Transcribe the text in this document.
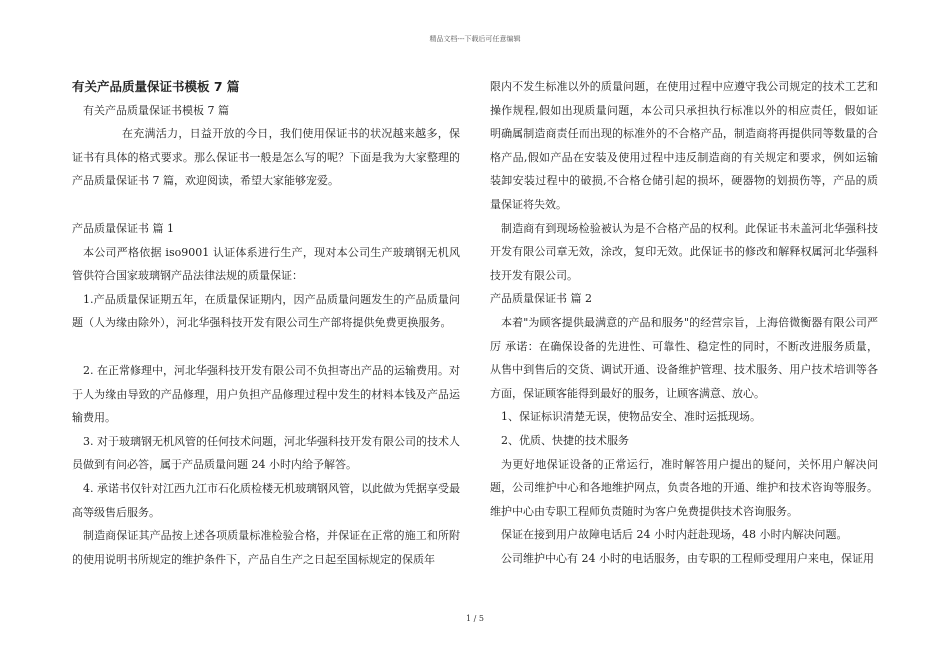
精品文档---下载后可任意编辑

有关产品质量保证书模板 7 篇

有关产品质量保证书模板 7 篇

在充满活力，日益开放的今日，我们使用保证书的状况越来越多，保证书有具体的格式要求。那么保证书一般是怎么写的呢？下面是我为大家整理的产品质量保证书 7 篇，欢迎阅读，希望大家能够宠爱。

产品质量保证书 篇 1

本公司严格依据 iso9001 认证体系进行生产，现对本公司生产玻璃钢无机风管供符合国家玻璃钢产品法律法规的质量保证：

1.产品质量保证期五年，在质量保证期内，因产品质量问题发生的产品质量问题（人为缘由除外），河北华强科技开发有限公司生产部将提供免费更换服务。

2. 在正常修理中，河北华强科技开发有限公司不负担寄出产品的运输费用。对于人为缘由导致的产品修理，用户负担产品修理过程中发生的材料本钱及产品运输费用。

3. 对于玻璃钢无机风管的任何技术问题，河北华强科技开发有限公司的技术人员做到有问必答，属于产品质量问题 24 小时内给予解答。

4. 承诺书仅针对江西九江市石化质检楼无机玻璃钢风管，以此做为凭据享受最高等级售后服务。

制造商保证其产品按上述各项质量标准检验合格，并保证在正常的施工和所附的使用说明书所规定的维护条件下，产品自生产之日起至国标规定的保质年

限内不发生标准以外的质量问题，在使用过程中应遵守我公司规定的技术工艺和操作规程,假如出现质量问题，本公司只承担执行标准以外的相应责任，假如证明确属制造商责任而出现的标准外的不合格产品，制造商将再提供同等数量的合格产品,假如产品在安装及使用过程中违反制造商的有关规定和要求，例如运输装卸安装过程中的破损,不合格仓储引起的损坏，硬器物的划损伤等，产品的质量保证将失效。

制造商有到现场检验被认为是不合格产品的权利。此保证书未盖河北华强科技开发有限公司章无效，涂改，复印无效。此保证书的修改和解释权属河北华强科技开发有限公司。

产品质量保证书 篇 2

本着"为顾客提供最满意的产品和服务"的经营宗旨，上海倍微衡器有限公司严厉 承诺：在确保设备的先进性、可靠性、稳定性的同时，不断改进服务质量，从售中到售后的交货、调试开通、设备维护管理、技术服务、用户技术培训等各方面，保证顾客能得到最好的服务，让顾客满意、放心。

1、保证标识清楚无误，使物品安全、准时运抵现场。

2、优质、快捷的技术服务

为更好地保证设备的正常运行，准时解答用户提出的疑问，关怀用户解决问题，公司维护中心和各地维护网点，负责各地的开通、维护和技术咨询等服务。维护中心由专职工程师负责随时为客户免费提供技术咨询服务。

保证在接到用户故障电话后 24 小时内赶赴现场，48 小时内解决问题。

公司维护中心有 24 小时的电话服务，由专职的工程师受理用户来电，保证用

1 / 5
